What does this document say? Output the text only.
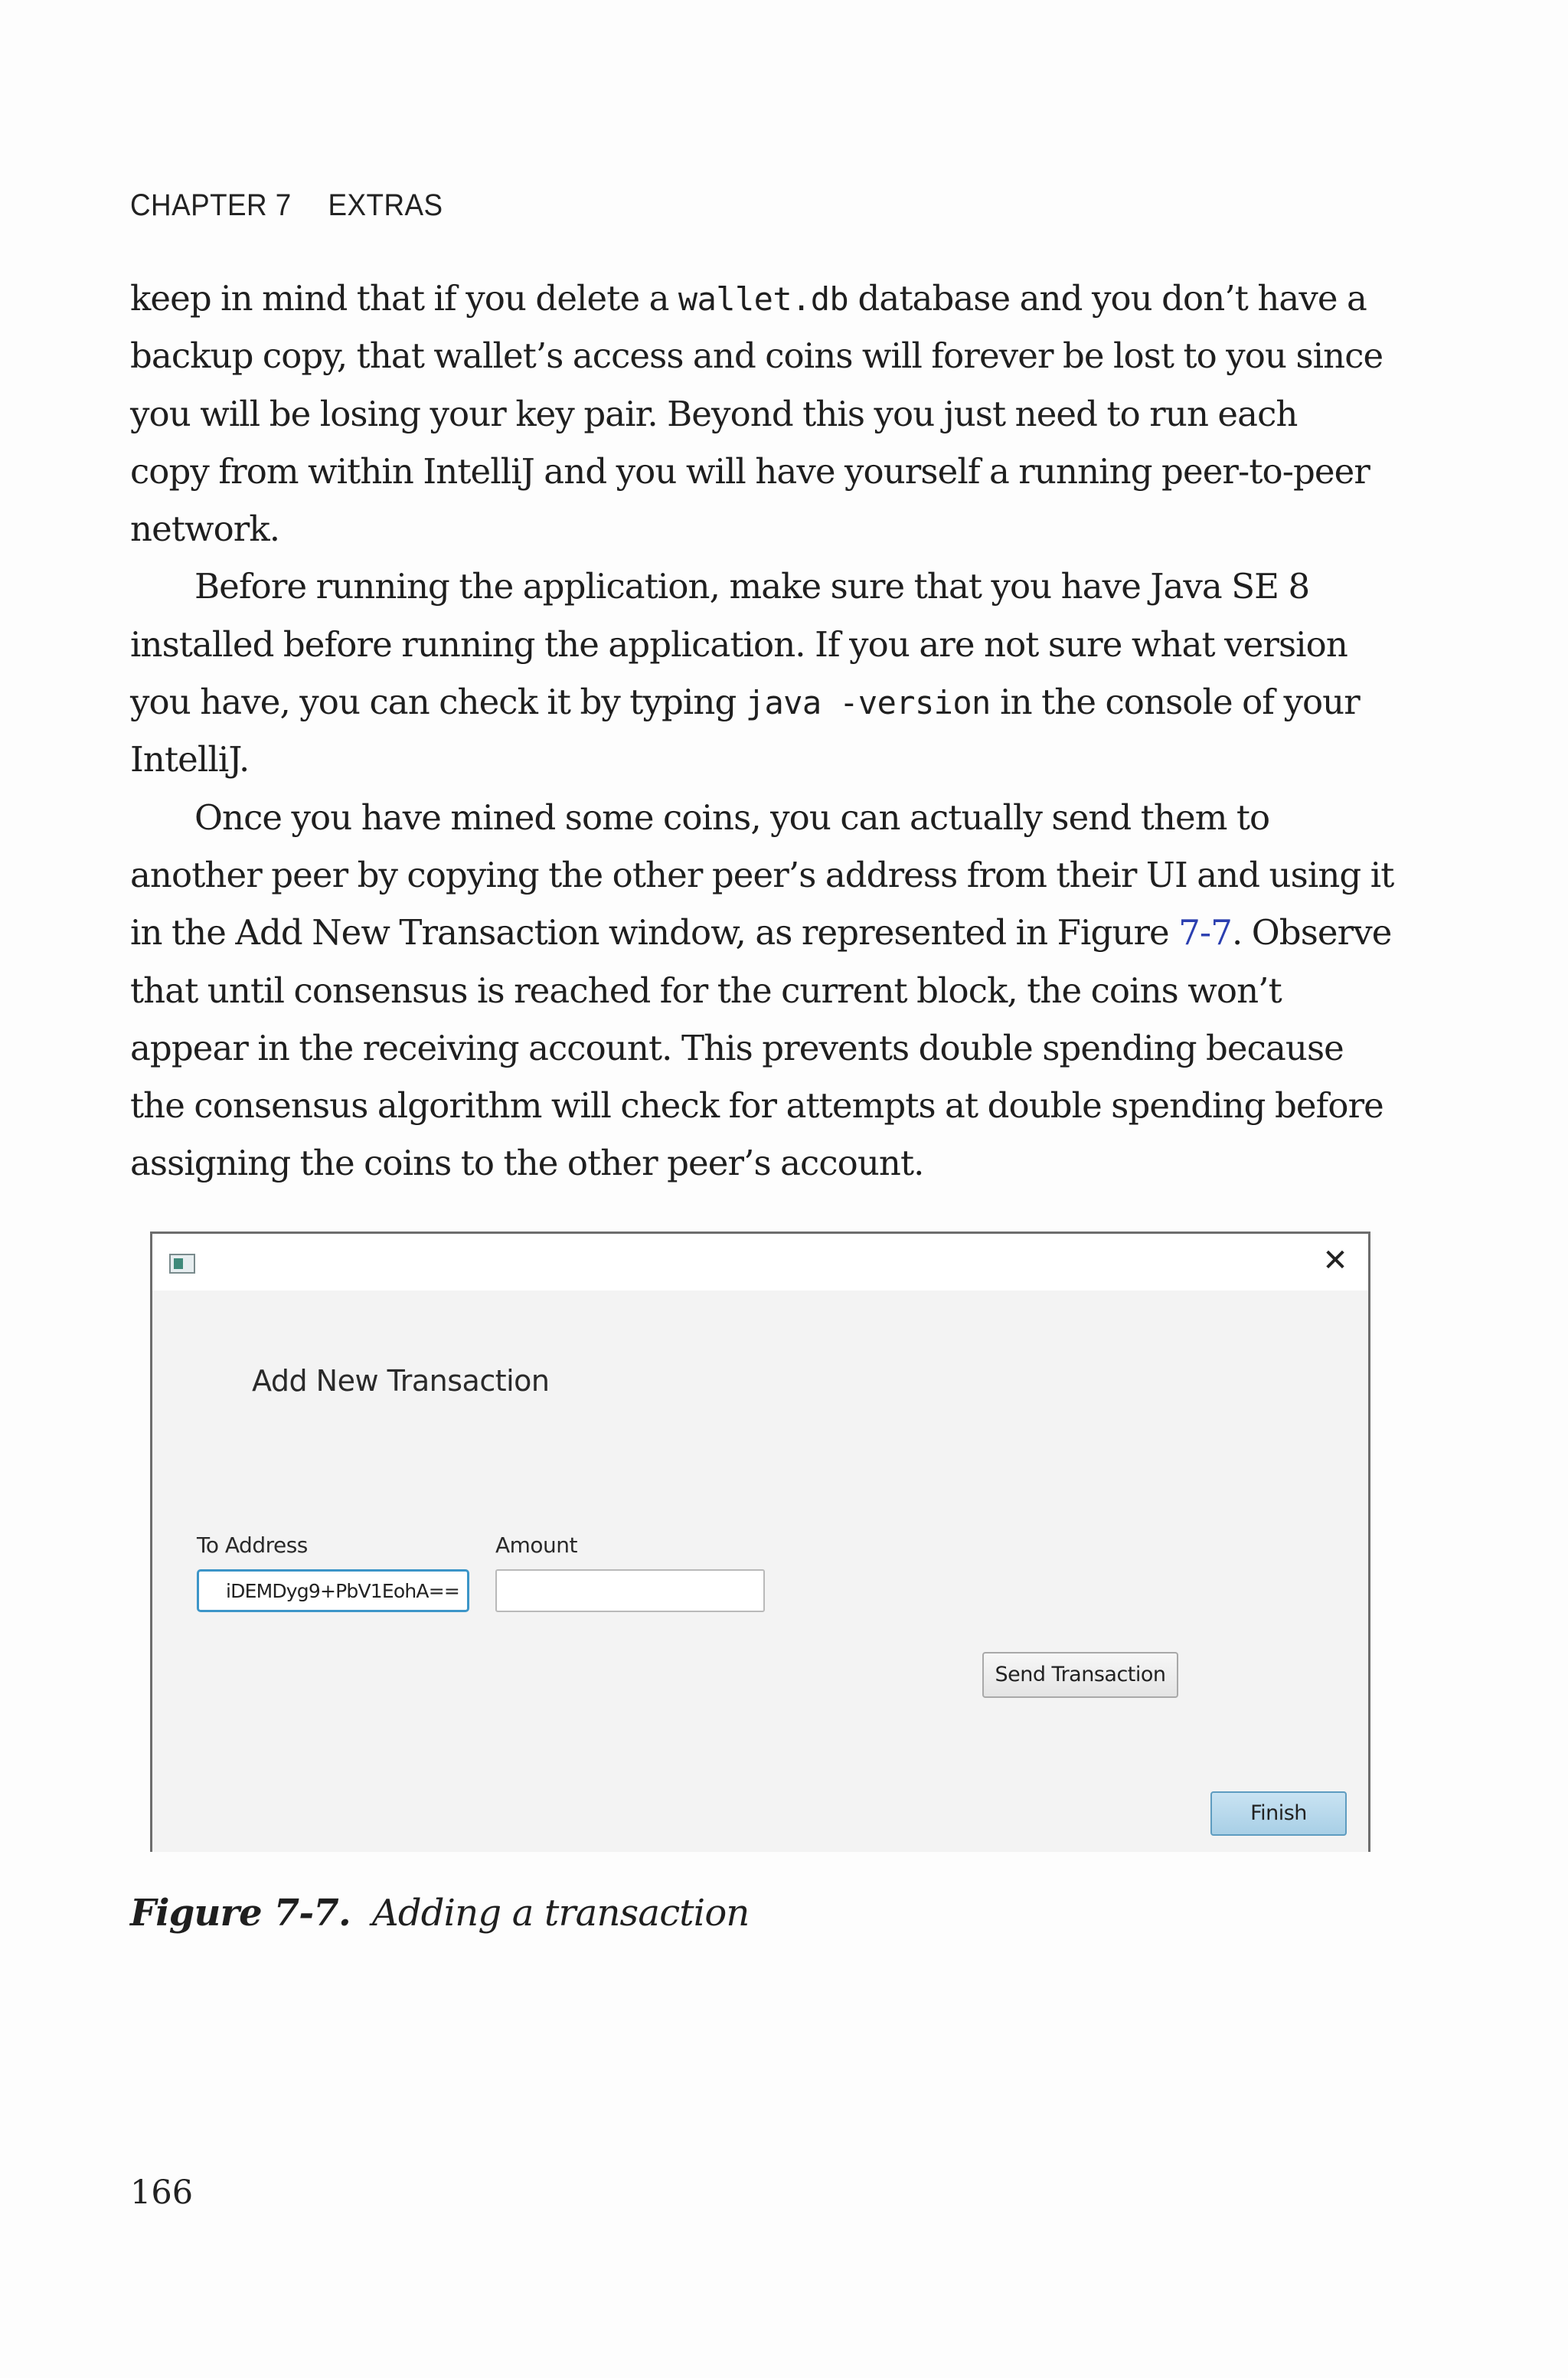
CHAPTER 7 EXTRAS
keep in mind that if you delete a wallet.db database and you don’t have a
backup copy, that wallet’s access and coins will forever be lost to you since
you will be losing your key pair. Beyond this you just need to run each
copy from within IntelliJ and you will have yourself a running peer-to-peer
network.
Before running the application, make sure that you have Java SE 8
installed before running the application. If you are not sure what version
you have, you can check it by typing java -version in the console of your
IntelliJ.
Once you have mined some coins, you can actually send them to
another peer by copying the other peer’s address from their UI and using it
in the Add New Transaction window, as represented in Figure 7-7. Observe
that until consensus is reached for the current block, the coins won’t
appear in the receiving account. This prevents double spending because
the consensus algorithm will check for attempts at double spending before
assigning the coins to the other peer’s account.
✕
Add New Transaction
To Address	Amount
iDEMDyg9+PbV1EohA==
Send Transaction
Finish
Figure 7-7. Adding a transaction
166
